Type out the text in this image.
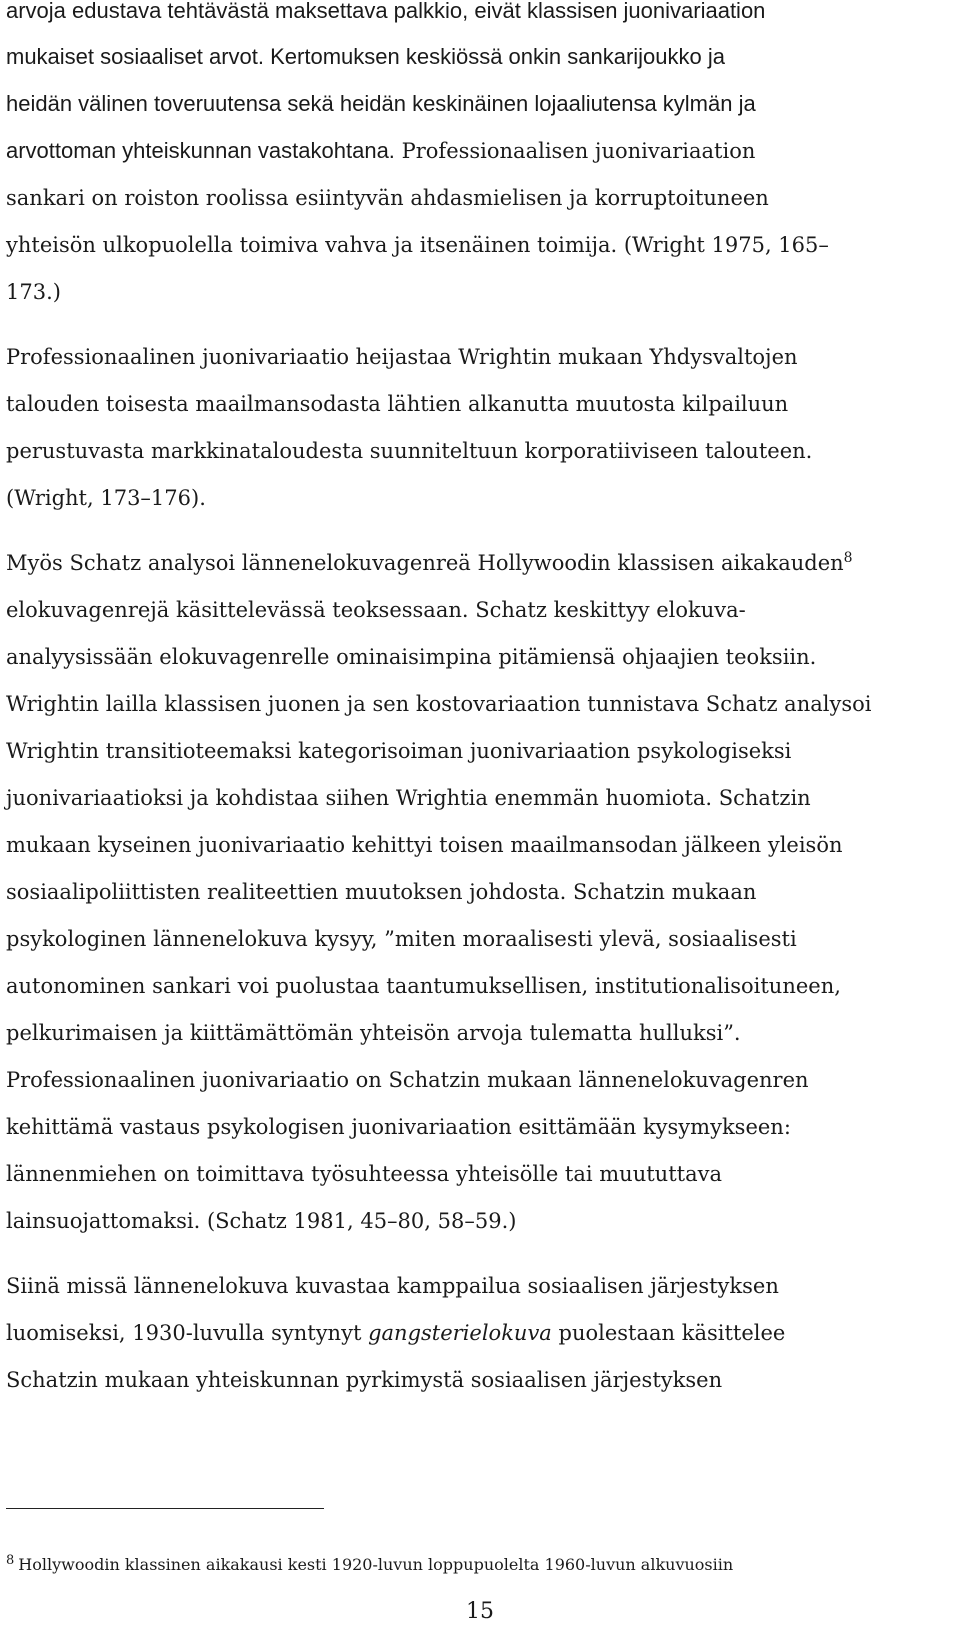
arvoja edustava tehtävästä maksettava palkkio, eivät klassisen juonivariaation
mukaiset sosiaaliset arvot. Kertomuksen keskiössä onkin sankarijoukko ja
heidän välinen toveruutensa sekä heidän keskinäinen lojaaliutensa kylmän ja
arvottoman yhteiskunnan vastakohtana. Professionaalisen juonivariaation
sankari on roiston roolissa esiintyvän ahdasmielisen ja korruptoituneen
yhteisön ulkopuolella toimiva vahva ja itsenäinen toimija. (Wright 1975, 165–
173.)
Professionaalinen juonivariaatio heijastaa Wrightin mukaan Yhdysvaltojen
talouden toisesta maailmansodasta lähtien alkanutta muutosta kilpailuun
perustuvasta markkinataloudesta suunniteltuun korporatiiviseen talouteen.
(Wright, 173–176).
Myös Schatz analysoi lännenelokuvagenreä Hollywoodin klassisen aikakauden$^8$
elokuvagenrejä käsittelevässä teoksessaan. Schatz keskittyy elokuva-
analyysissään elokuvagenrelle ominaisimpina pitämiensä ohjaajien teoksiin.
Wrightin lailla klassisen juonen ja sen kostovariaation tunnistava Schatz analysoi
Wrightin transitioteemaksi kategorisoiman juonivariaation psykologiseksi
juonivariaatioksi ja kohdistaa siihen Wrightia enemmän huomiota. Schatzin
mukaan kyseinen juonivariaatio kehittyi toisen maailmansodan jälkeen yleisön
sosiaalipoliittisten realiteettien muutoksen johdosta. Schatzin mukaan
psykologinen lännenelokuva kysyy, ”miten moraalisesti ylevä, sosiaalisesti
autonominen sankari voi puolustaa taantumuksellisen, institutionalisoituneen,
pelkurimaisen ja kiittämättömän yhteisön arvoja tulematta hulluksi”.
Professionaalinen juonivariaatio on Schatzin mukaan lännenelokuvagenren
kehittämä vastaus psykologisen juonivariaation esittämään kysymykseen:
lännenmiehen on toimittava työsuhteessa yhteisölle tai muututtava
lainsuojattomaksi. (Schatz 1981, 45–80, 58–59.)
Siinä missä lännenelokuva kuvastaa kamppailua sosiaalisen järjestyksen
luomiseksi, 1930-luvulla syntynyt gangsterielokuva puolestaan käsittelee
Schatzin mukaan yhteiskunnan pyrkimystä sosiaalisen järjestyksen
$^8$ Hollywoodin klassinen aikakausi kesti 1920-luvun loppupuolelta 1960-luvun alkuvuosiin
15
